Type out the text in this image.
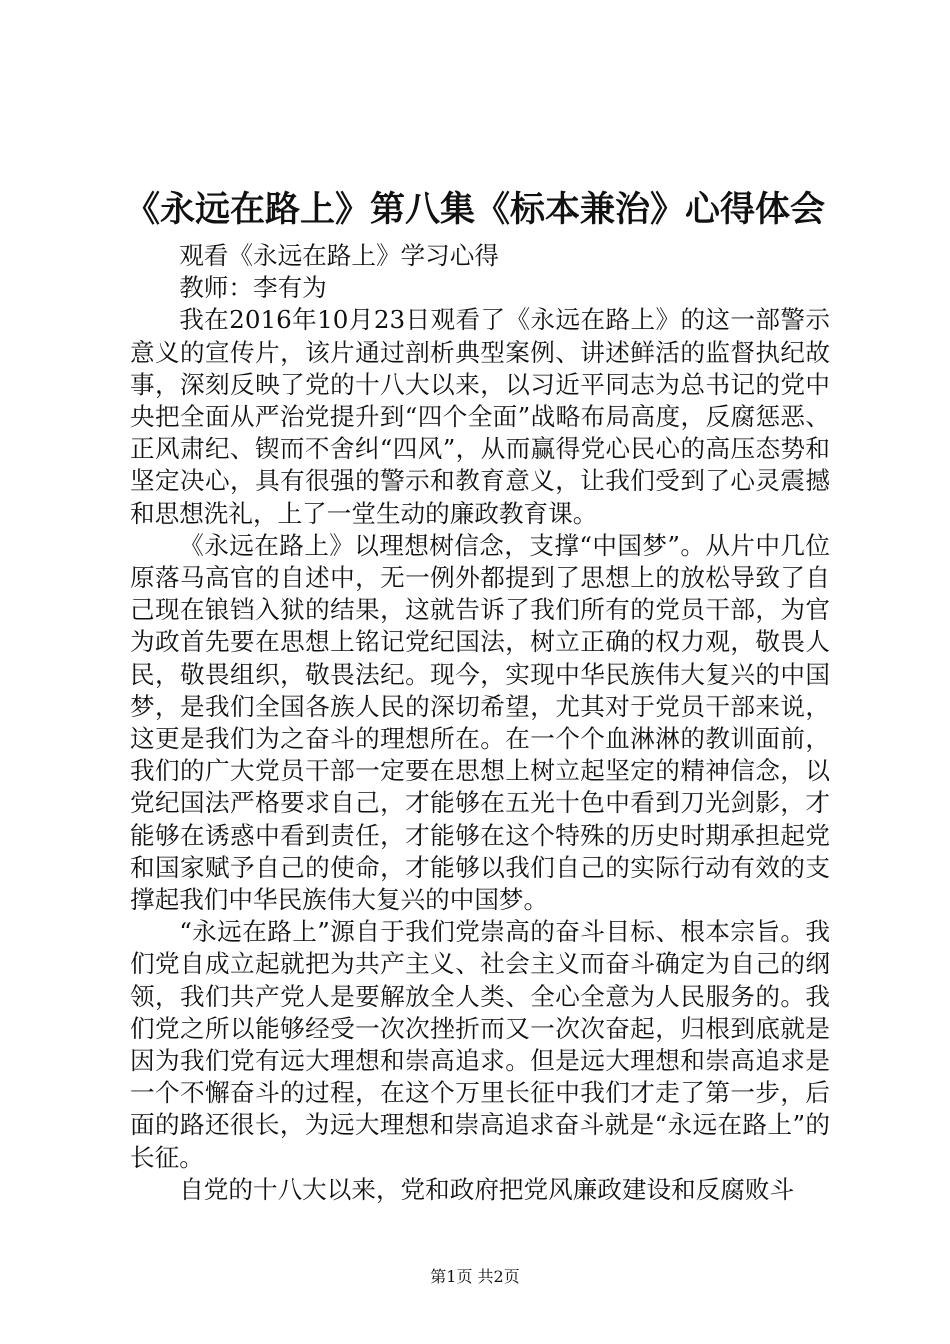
《永远在路上》第八集《标本兼治》心得体会

观看《永远在路上》学习心得

教师：李有为

我在2016年10月23日观看了《永远在路上》的这一部警示意义的宣传片，该片通过剖析典型案例、讲述鲜活的监督执纪故事，深刻反映了党的十八大以来，以习近平同志为总书记的党中央把全面从严治党提升到“四个全面”战略布局高度，反腐惩恶、正风肃纪、锲而不舍纠“四风”，从而赢得党心民心的高压态势和坚定决心，具有很强的警示和教育意义，让我们受到了心灵震撼和思想洗礼，上了一堂生动的廉政教育课。

《永远在路上》以理想树信念，支撑“中国梦”。从片中几位原落马高官的自述中，无一例外都提到了思想上的放松导致了自己现在锒铛入狱的结果，这就告诉了我们所有的党员干部，为官为政首先要在思想上铭记党纪国法，树立正确的权力观，敬畏人民，敬畏组织，敬畏法纪。现今，实现中华民族伟大复兴的中国梦，是我们全国各族人民的深切希望，尤其对于党员干部来说，这更是我们为之奋斗的理想所在。在一个个血淋淋的教训面前，我们的广大党员干部一定要在思想上树立起坚定的精神信念，以党纪国法严格要求自己，才能够在五光十色中看到刀光剑影，才能够在诱惑中看到责任，才能够在这个特殊的历史时期承担起党和国家赋予自己的使命，才能够以我们自己的实际行动有效的支撑起我们中华民族伟大复兴的中国梦。

“永远在路上”源自于我们党崇高的奋斗目标、根本宗旨。我们党自成立起就把为共产主义、社会主义而奋斗确定为自己的纲领，我们共产党人是要解放全人类、全心全意为人民服务的。我们党之所以能够经受一次次挫折而又一次次奋起，归根到底就是因为我们党有远大理想和崇高追求。但是远大理想和崇高追求是一个不懈奋斗的过程，在这个万里长征中我们才走了第一步，后面的路还很长，为远大理想和崇高追求奋斗就是“永远在路上”的长征。

自党的十八大以来，党和政府把党风廉政建设和反腐败斗

第1页 共2页
